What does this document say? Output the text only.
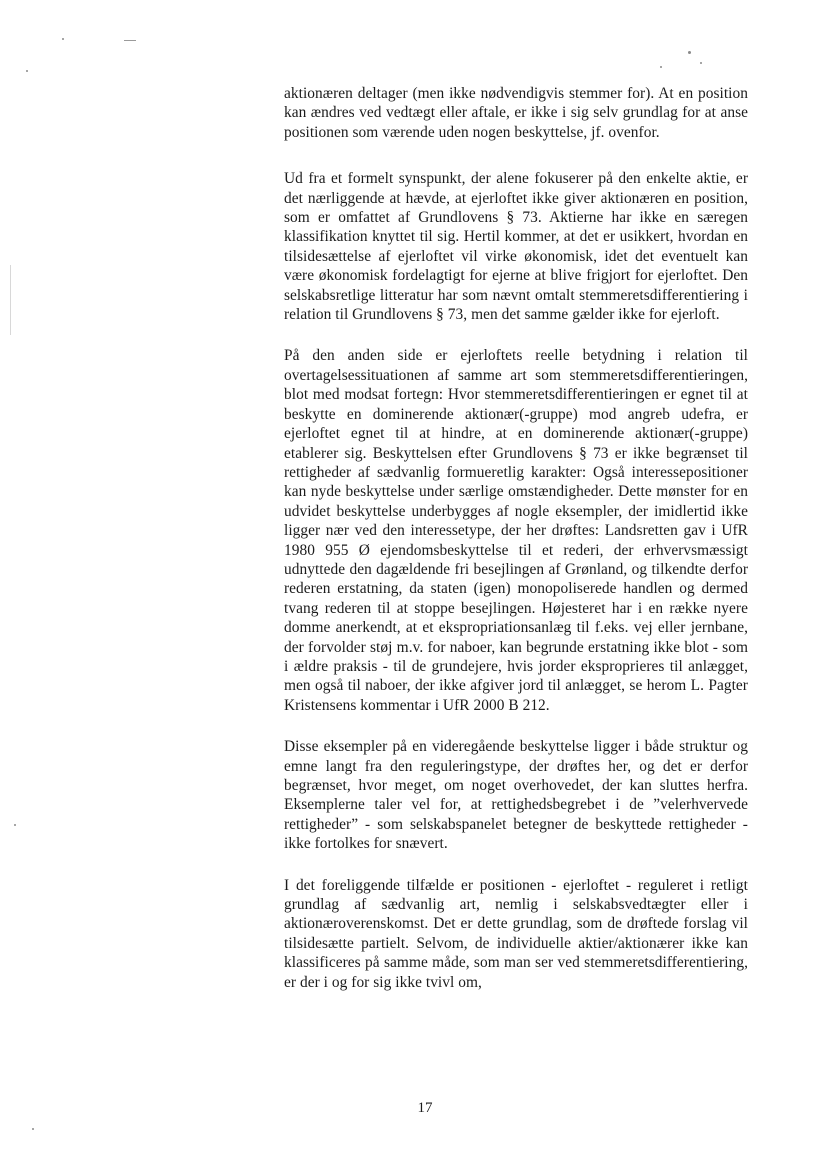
aktionæren deltager (men ikke nødvendigvis stemmer for). At en position kan ændres ved vedtægt eller aftale, er ikke i sig selv grundlag for at anse positionen som værende uden nogen beskyttelse, jf. ovenfor.

Ud fra et formelt synspunkt, der alene fokuserer på den enkelte aktie, er det nærliggende at hævde, at ejerloftet ikke giver aktionæren en position, som er omfattet af Grundlovens § 73. Aktierne har ikke en særegen klassifikation knyttet til sig. Hertil kommer, at det er usikkert, hvordan en tilsidesættelse af ejerloftet vil virke økonomisk, idet det eventuelt kan være økonomisk fordelagtigt for ejerne at blive frigjort for ejerloftet. Den selskabsretlige litteratur har som nævnt omtalt stemmeretsdifferentiering i relation til Grundlovens § 73, men det samme gælder ikke for ejerloft.

På den anden side er ejerloftets reelle betydning i relation til overtagelsessituationen af samme art som stemmeretsdifferentieringen, blot med modsat fortegn: Hvor stemmeretsdifferentieringen er egnet til at beskytte en dominerende aktionær(-gruppe) mod angreb udefra, er ejerloftet egnet til at hindre, at en dominerende aktionær(-gruppe) etablerer sig. Beskyttelsen efter Grundlovens § 73 er ikke begrænset til rettigheder af sædvanlig formueretlig karakter: Også interessepositioner kan nyde beskyttelse under særlige omstændigheder. Dette mønster for en udvidet beskyttelse underbygges af nogle eksempler, der imidlertid ikke ligger nær ved den interessetype, der her drøftes: Landsretten gav i UfR 1980 955 Ø ejendomsbeskyttelse til et rederi, der erhvervsmæssigt udnyttede den dagældende fri besejlingen af Grønland, og tilkendte derfor rederen erstatning, da staten (igen) monopoliserede handlen og dermed tvang rederen til at stoppe besejlingen. Højesteret har i en række nyere domme anerkendt, at et ekspropriationsanlæg til f.eks. vej eller jernbane, der forvolder støj m.v. for naboer, kan begrunde erstatning ikke blot - som i ældre praksis - til de grundejere, hvis jorder eksproprieres til anlægget, men også til naboer, der ikke afgiver jord til anlægget, se herom L. Pagter Kristensens kommentar i UfR 2000 B 212.

Disse eksempler på en videregående beskyttelse ligger i både struktur og emne langt fra den reguleringstype, der drøftes her, og det er derfor begrænset, hvor meget, om noget overhovedet, der kan sluttes herfra. Eksemplerne taler vel for, at rettighedsbegrebet i de ”velerhvervede rettigheder” - som selskabspanelet betegner de beskyttede rettigheder - ikke fortolkes for snævert.

I det foreliggende tilfælde er positionen - ejerloftet - reguleret i retligt grundlag af sædvanlig art, nemlig i selskabsvedtægter eller i aktionæroverenskomst. Det er dette grundlag, som de drøftede forslag vil tilsidesætte partielt. Selvom, de individuelle aktier/aktionærer ikke kan klassificeres på samme måde, som man ser ved stemmeretsdifferentiering, er der i og for sig ikke tvivl om,

17
